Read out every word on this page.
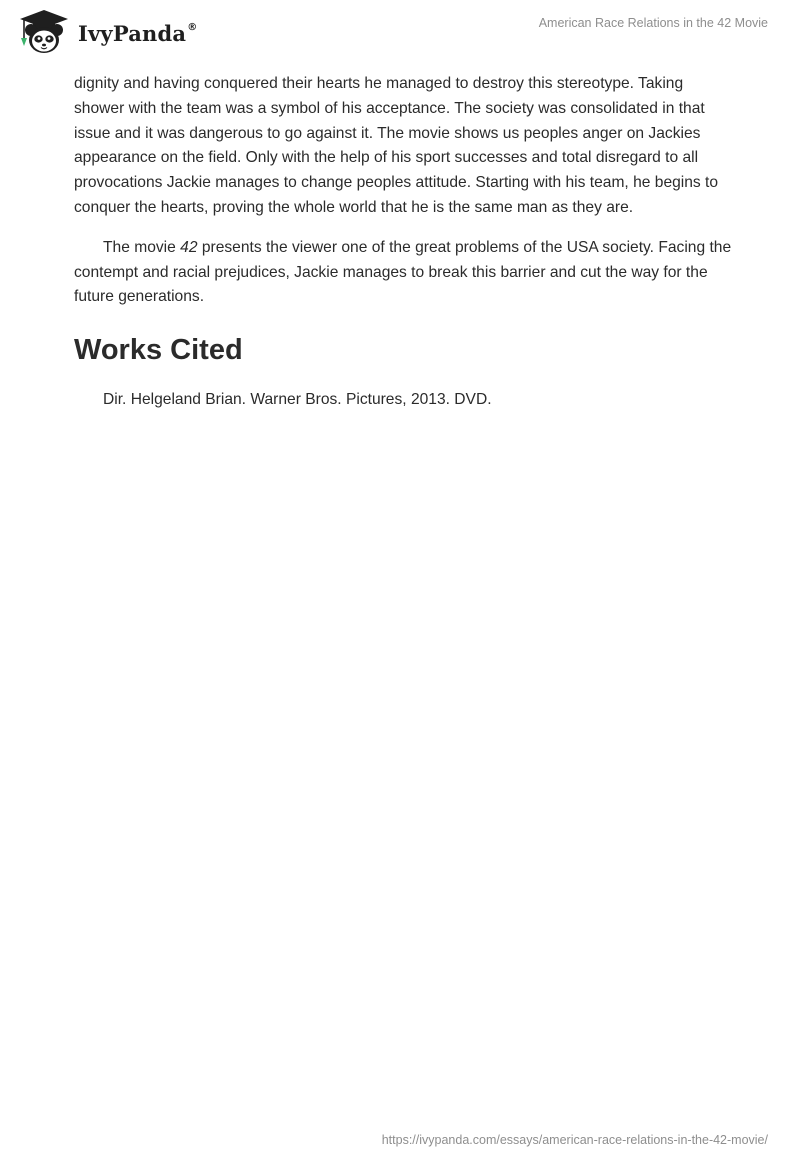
IvyPanda®	American Race Relations in the 42 Movie

dignity and having conquered their hearts he managed to destroy this stereotype. Taking shower with the team was a symbol of his acceptance. The society was consolidated in that issue and it was dangerous to go against it. The movie shows us peoples anger on Jackies appearance on the field. Only with the help of his sport successes and total disregard to all provocations Jackie manages to change peoples attitude. Starting with his team, he begins to conquer the hearts, proving the whole world that he is the same man as they are.

The movie 42 presents the viewer one of the great problems of the USA society. Facing the contempt and racial prejudices, Jackie manages to break this barrier and cut the way for the future generations.

Works Cited

Dir. Helgeland Brian. Warner Bros. Pictures, 2013. DVD.

https://ivypanda.com/essays/american-race-relations-in-the-42-movie/
